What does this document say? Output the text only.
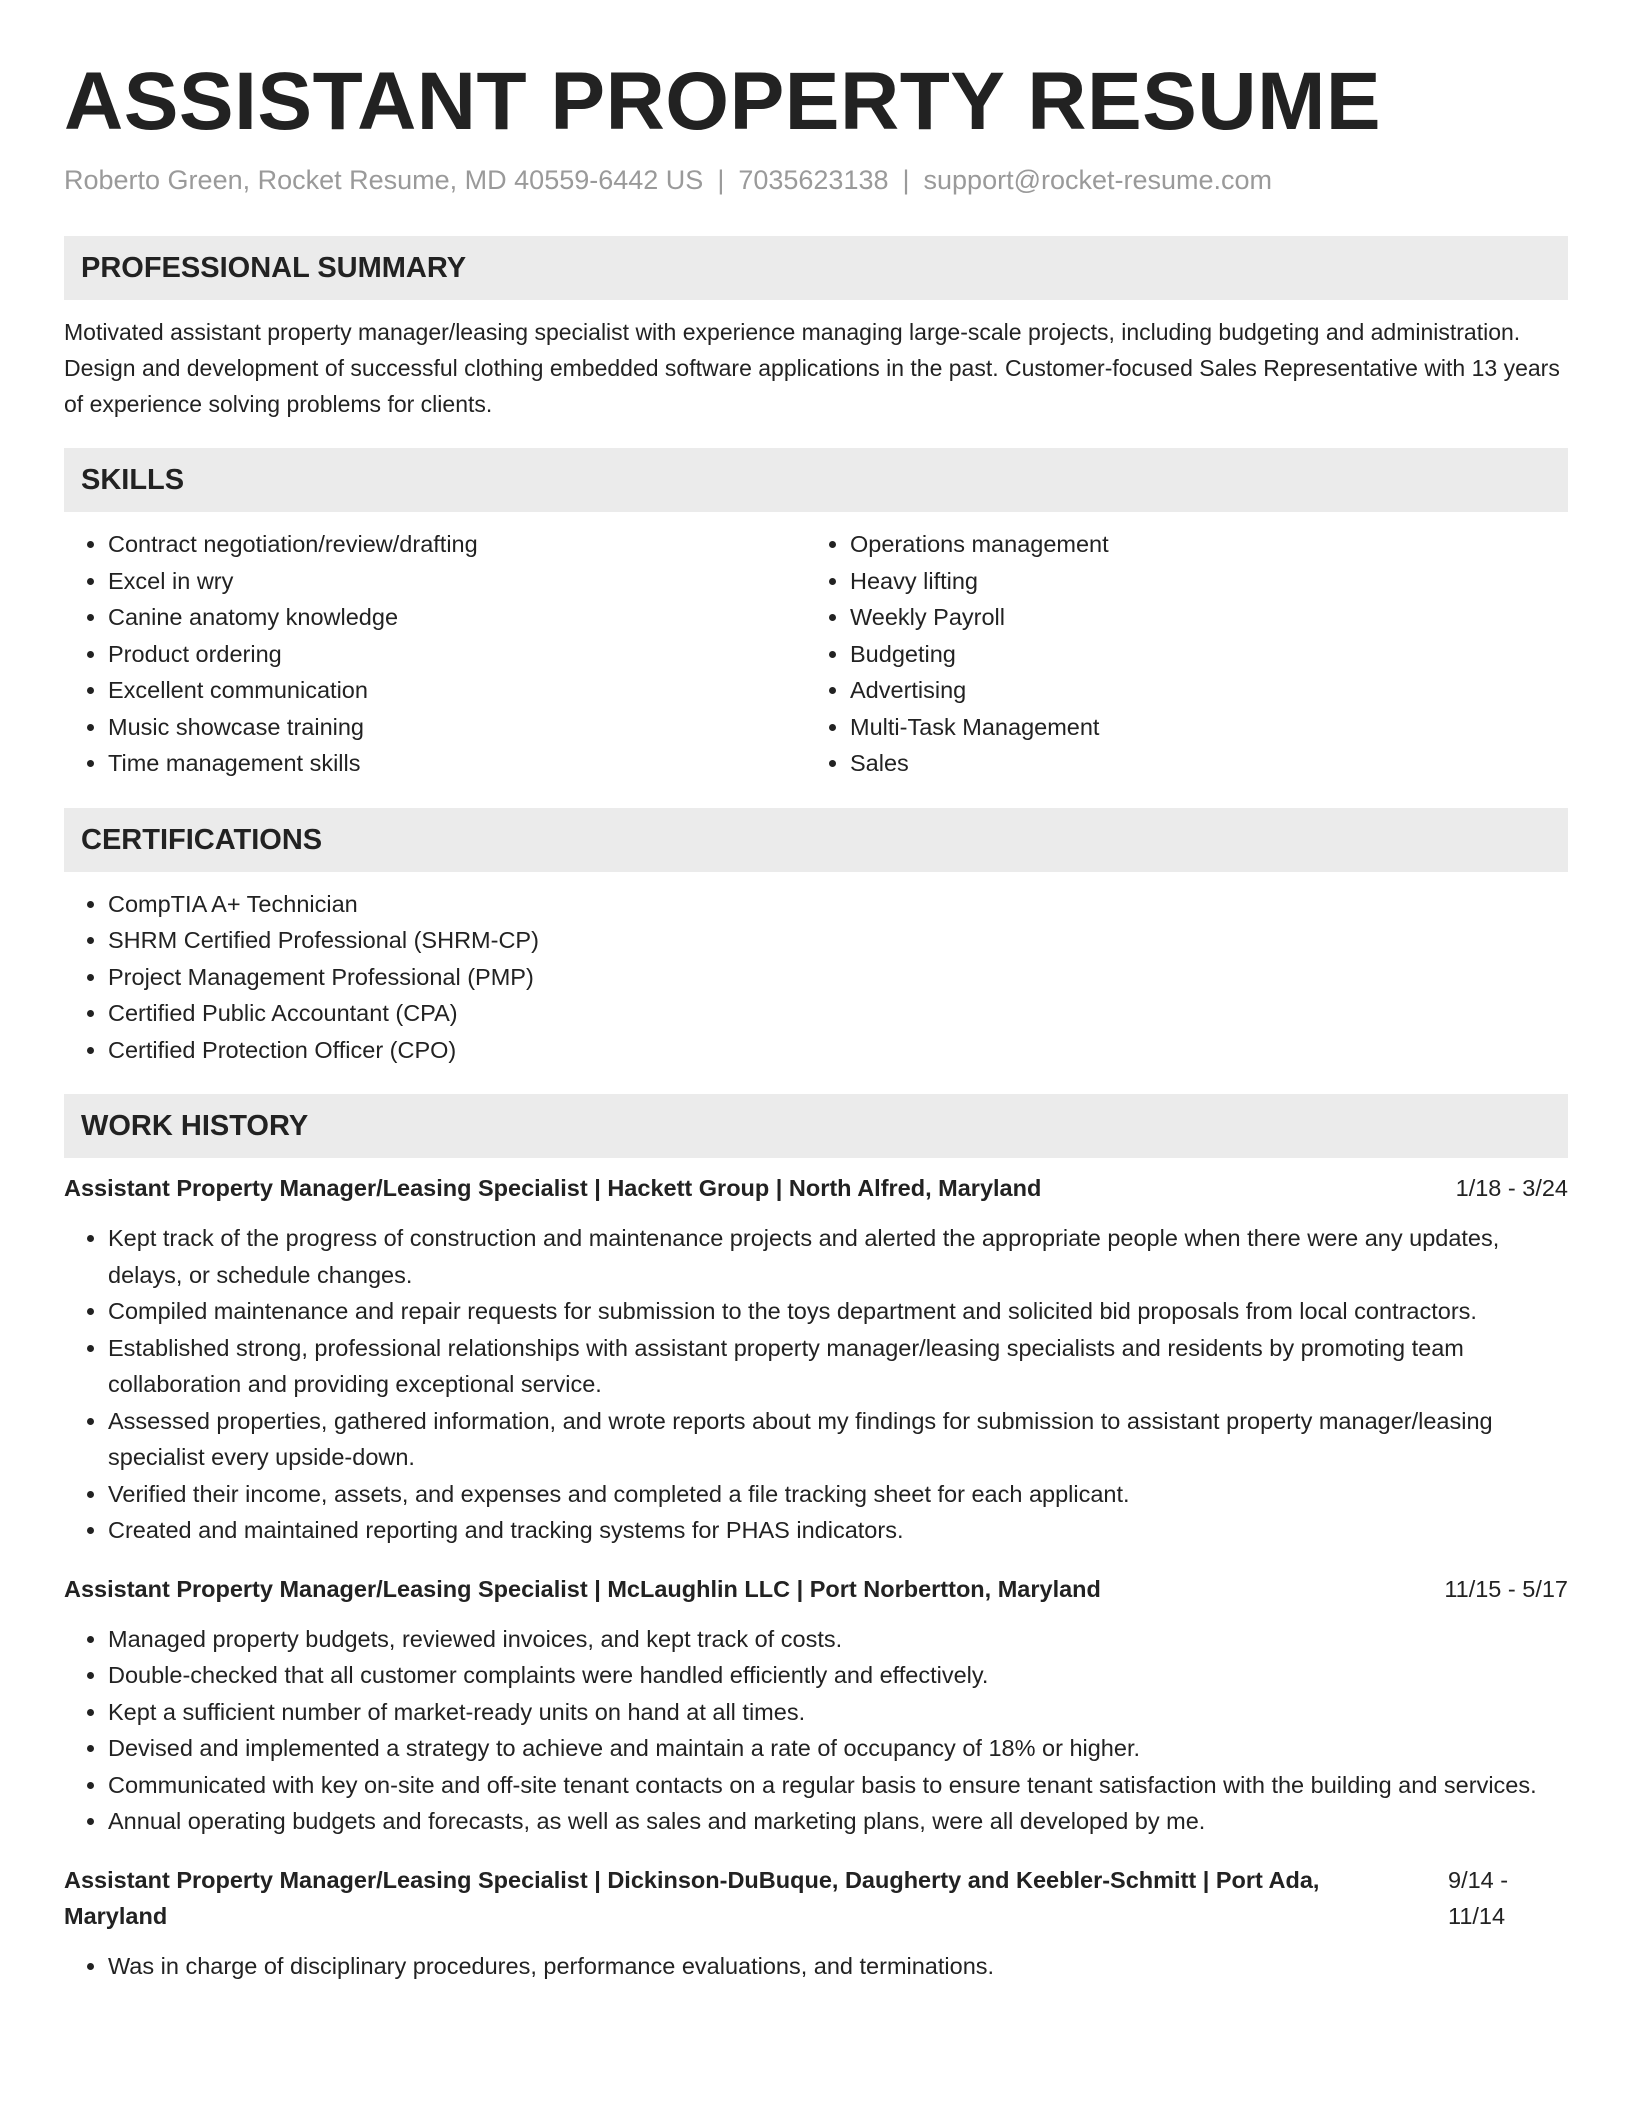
ASSISTANT PROPERTY RESUME
Roberto Green, Rocket Resume, MD 40559-6442 US | 7035623138 | support@rocket-resume.com
PROFESSIONAL SUMMARY
Motivated assistant property manager/leasing specialist with experience managing large-scale projects, including budgeting and administration. Design and development of successful clothing embedded software applications in the past. Customer-focused Sales Representative with 13 years of experience solving problems for clients.
SKILLS
• Contract negotiation/review/drafting
• Excel in wry
• Canine anatomy knowledge
• Product ordering
• Excellent communication
• Music showcase training
• Time management skills
• Operations management
• Heavy lifting
• Weekly Payroll
• Budgeting
• Advertising
• Multi-Task Management
• Sales
CERTIFICATIONS
• CompTIA A+ Technician
• SHRM Certified Professional (SHRM-CP)
• Project Management Professional (PMP)
• Certified Public Accountant (CPA)
• Certified Protection Officer (CPO)
WORK HISTORY
Assistant Property Manager/Leasing Specialist | Hackett Group | North Alfred, Maryland	1/18 - 3/24
• Kept track of the progress of construction and maintenance projects and alerted the appropriate people when there were any updates, delays, or schedule changes.
• Compiled maintenance and repair requests for submission to the toys department and solicited bid proposals from local contractors.
• Established strong, professional relationships with assistant property manager/leasing specialists and residents by promoting team collaboration and providing exceptional service.
• Assessed properties, gathered information, and wrote reports about my findings for submission to assistant property manager/leasing specialist every upside-down.
• Verified their income, assets, and expenses and completed a file tracking sheet for each applicant.
• Created and maintained reporting and tracking systems for PHAS indicators.
Assistant Property Manager/Leasing Specialist | McLaughlin LLC | Port Norbertton, Maryland	11/15 - 5/17
• Managed property budgets, reviewed invoices, and kept track of costs.
• Double-checked that all customer complaints were handled efficiently and effectively.
• Kept a sufficient number of market-ready units on hand at all times.
• Devised and implemented a strategy to achieve and maintain a rate of occupancy of 18% or higher.
• Communicated with key on-site and off-site tenant contacts on a regular basis to ensure tenant satisfaction with the building and services.
• Annual operating budgets and forecasts, as well as sales and marketing plans, were all developed by me.
Assistant Property Manager/Leasing Specialist | Dickinson-DuBuque, Daugherty and Keebler-Schmitt | Port Ada, Maryland
9/14 - 11/14
• Was in charge of disciplinary procedures, performance evaluations, and terminations.
